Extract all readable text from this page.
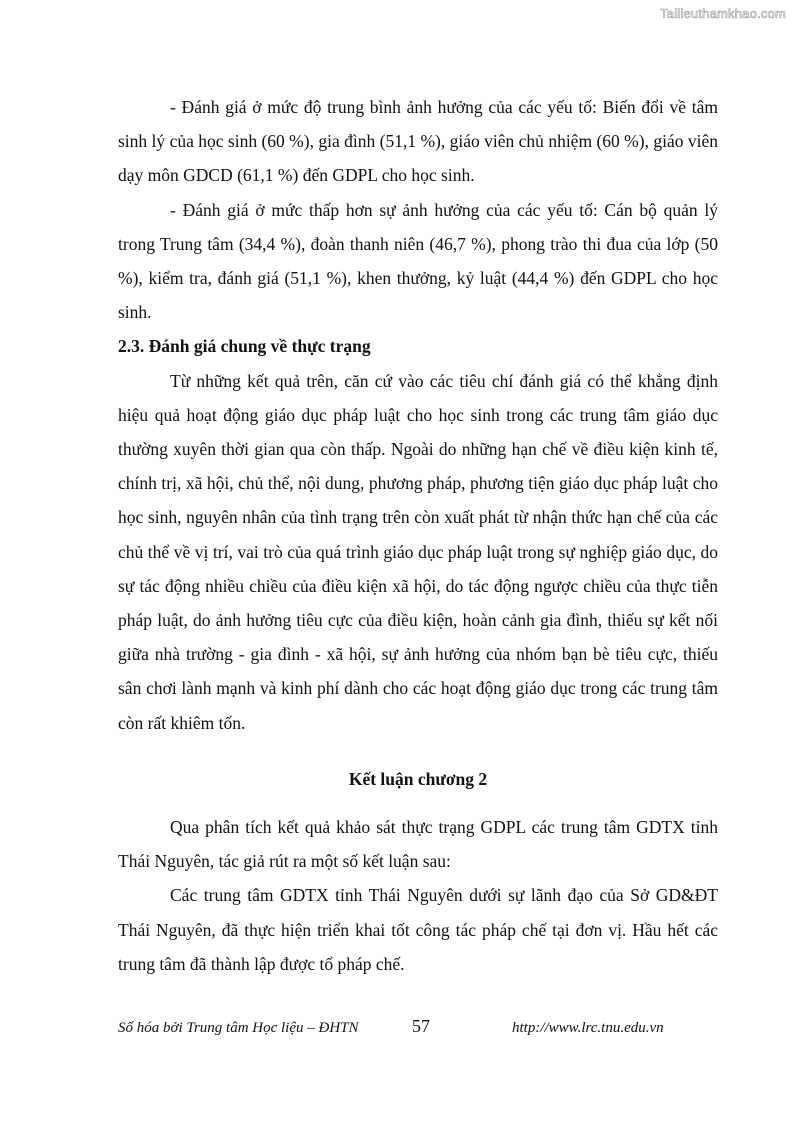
Tailieuthamkhao.com

- Đánh giá ở mức độ trung bình ảnh hưởng của các yếu tố: Biến đổi về tâm sinh lý của học sinh (60 %), gia đình (51,1 %), giáo viên chủ nhiệm (60 %), giáo viên dạy môn GDCD (61,1 %) đến GDPL cho học sinh.

- Đánh giá ở mức thấp hơn sự ảnh hưởng của các yếu tố: Cán bộ quản lý trong Trung tâm (34,4 %), đoàn thanh niên (46,7 %), phong trào thi đua của lớp (50 %), kiểm tra, đánh giá (51,1 %), khen thưởng, kỷ luật (44,4 %) đến GDPL cho học sinh.

2.3. Đánh giá chung về thực trạng

Từ những kết quả trên, căn cứ vào các tiêu chí đánh giá có thể khẳng định hiệu quả hoạt động giáo dục pháp luật cho học sinh trong các trung tâm giáo dục thường xuyên thời gian qua còn thấp. Ngoài do những hạn chế về điều kiện kinh tế, chính trị, xã hội, chủ thể, nội dung, phương pháp, phương tiện giáo dục pháp luật cho học sinh, nguyên nhân của tình trạng trên còn xuất phát từ nhận thức hạn chế của các chủ thể về vị trí, vai trò của quá trình giáo dục pháp luật trong sự nghiệp giáo dục, do sự tác động nhiều chiều của điều kiện xã hội, do tác động ngược chiều của thực tiễn pháp luật, do ảnh hưởng tiêu cực của điều kiện, hoàn cảnh gia đình, thiếu sự kết nối giữa nhà trường - gia đình - xã hội, sự ảnh hưởng của nhóm bạn bè tiêu cực, thiếu sân chơi lành mạnh và kinh phí dành cho các hoạt động giáo dục trong các trung tâm còn rất khiêm tốn.

Kết luận chương 2

Qua phân tích kết quả khảo sát thực trạng GDPL các trung tâm GDTX tỉnh Thái Nguyên, tác giả rút ra một số kết luận sau:

Các trung tâm GDTX tỉnh Thái Nguyên dưới sự lãnh đạo của Sở GD&ĐT Thái Nguyên, đã thực hiện triển khai tốt công tác pháp chế tại đơn vị. Hầu hết các trung tâm đã thành lập được tổ pháp chế.

Số hóa bởi Trung tâm Học liệu – ĐHTN	57	http://www.lrc.tnu.edu.vn
